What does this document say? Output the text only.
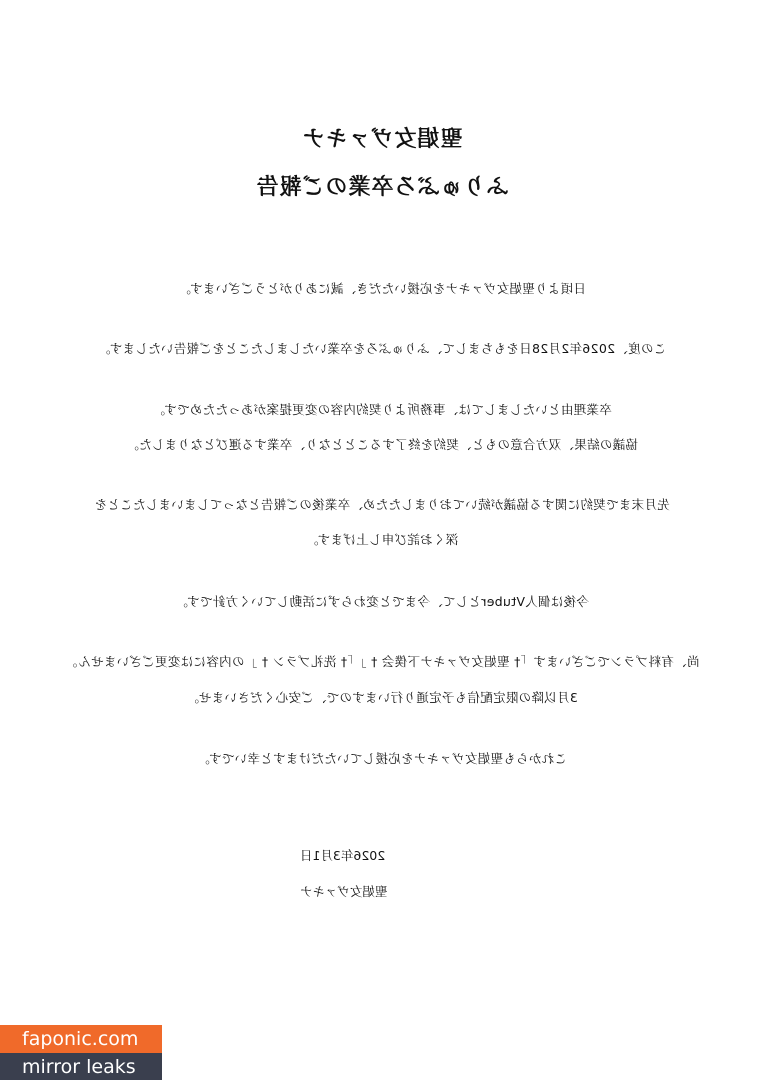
聖娼女ヴァキナ
ふりゅぶろ卒業のご報告
日頃より聖娼女ヴァキナを応援いただき、誠にありがとうございます。
この度、2026年2月28日をもちまして、ふりゅぶろを卒業いたしましたことをご報告いたします。
卒業理由といたしましては、事務所より契約内容の変更提案があったためです。
協議の結果、双方合意のもと、契約を終了することとなり、卒業する運びとなりました。
先月末まで契約に関する協議が続いておりましたため、卒業後のご報告となってしまいましたことを
深くお詫び申し上げます。
今後は個人Vtuberとして、今までと変わらずに活動していく方針です。
尚、有料プランでございます「† 聖娼女ヴァキナ下僕会 † 」「† 洗礼プラン † 」の内容には変更ございません。
3月以降の限定配信も予定通り行いますので、ご安心くださいませ。
これからも聖娼女ヴァキナを応援していただけますと幸いです。
2026年3月1日
聖娼女ヴァキナ
faponic.com
mirror leaks
